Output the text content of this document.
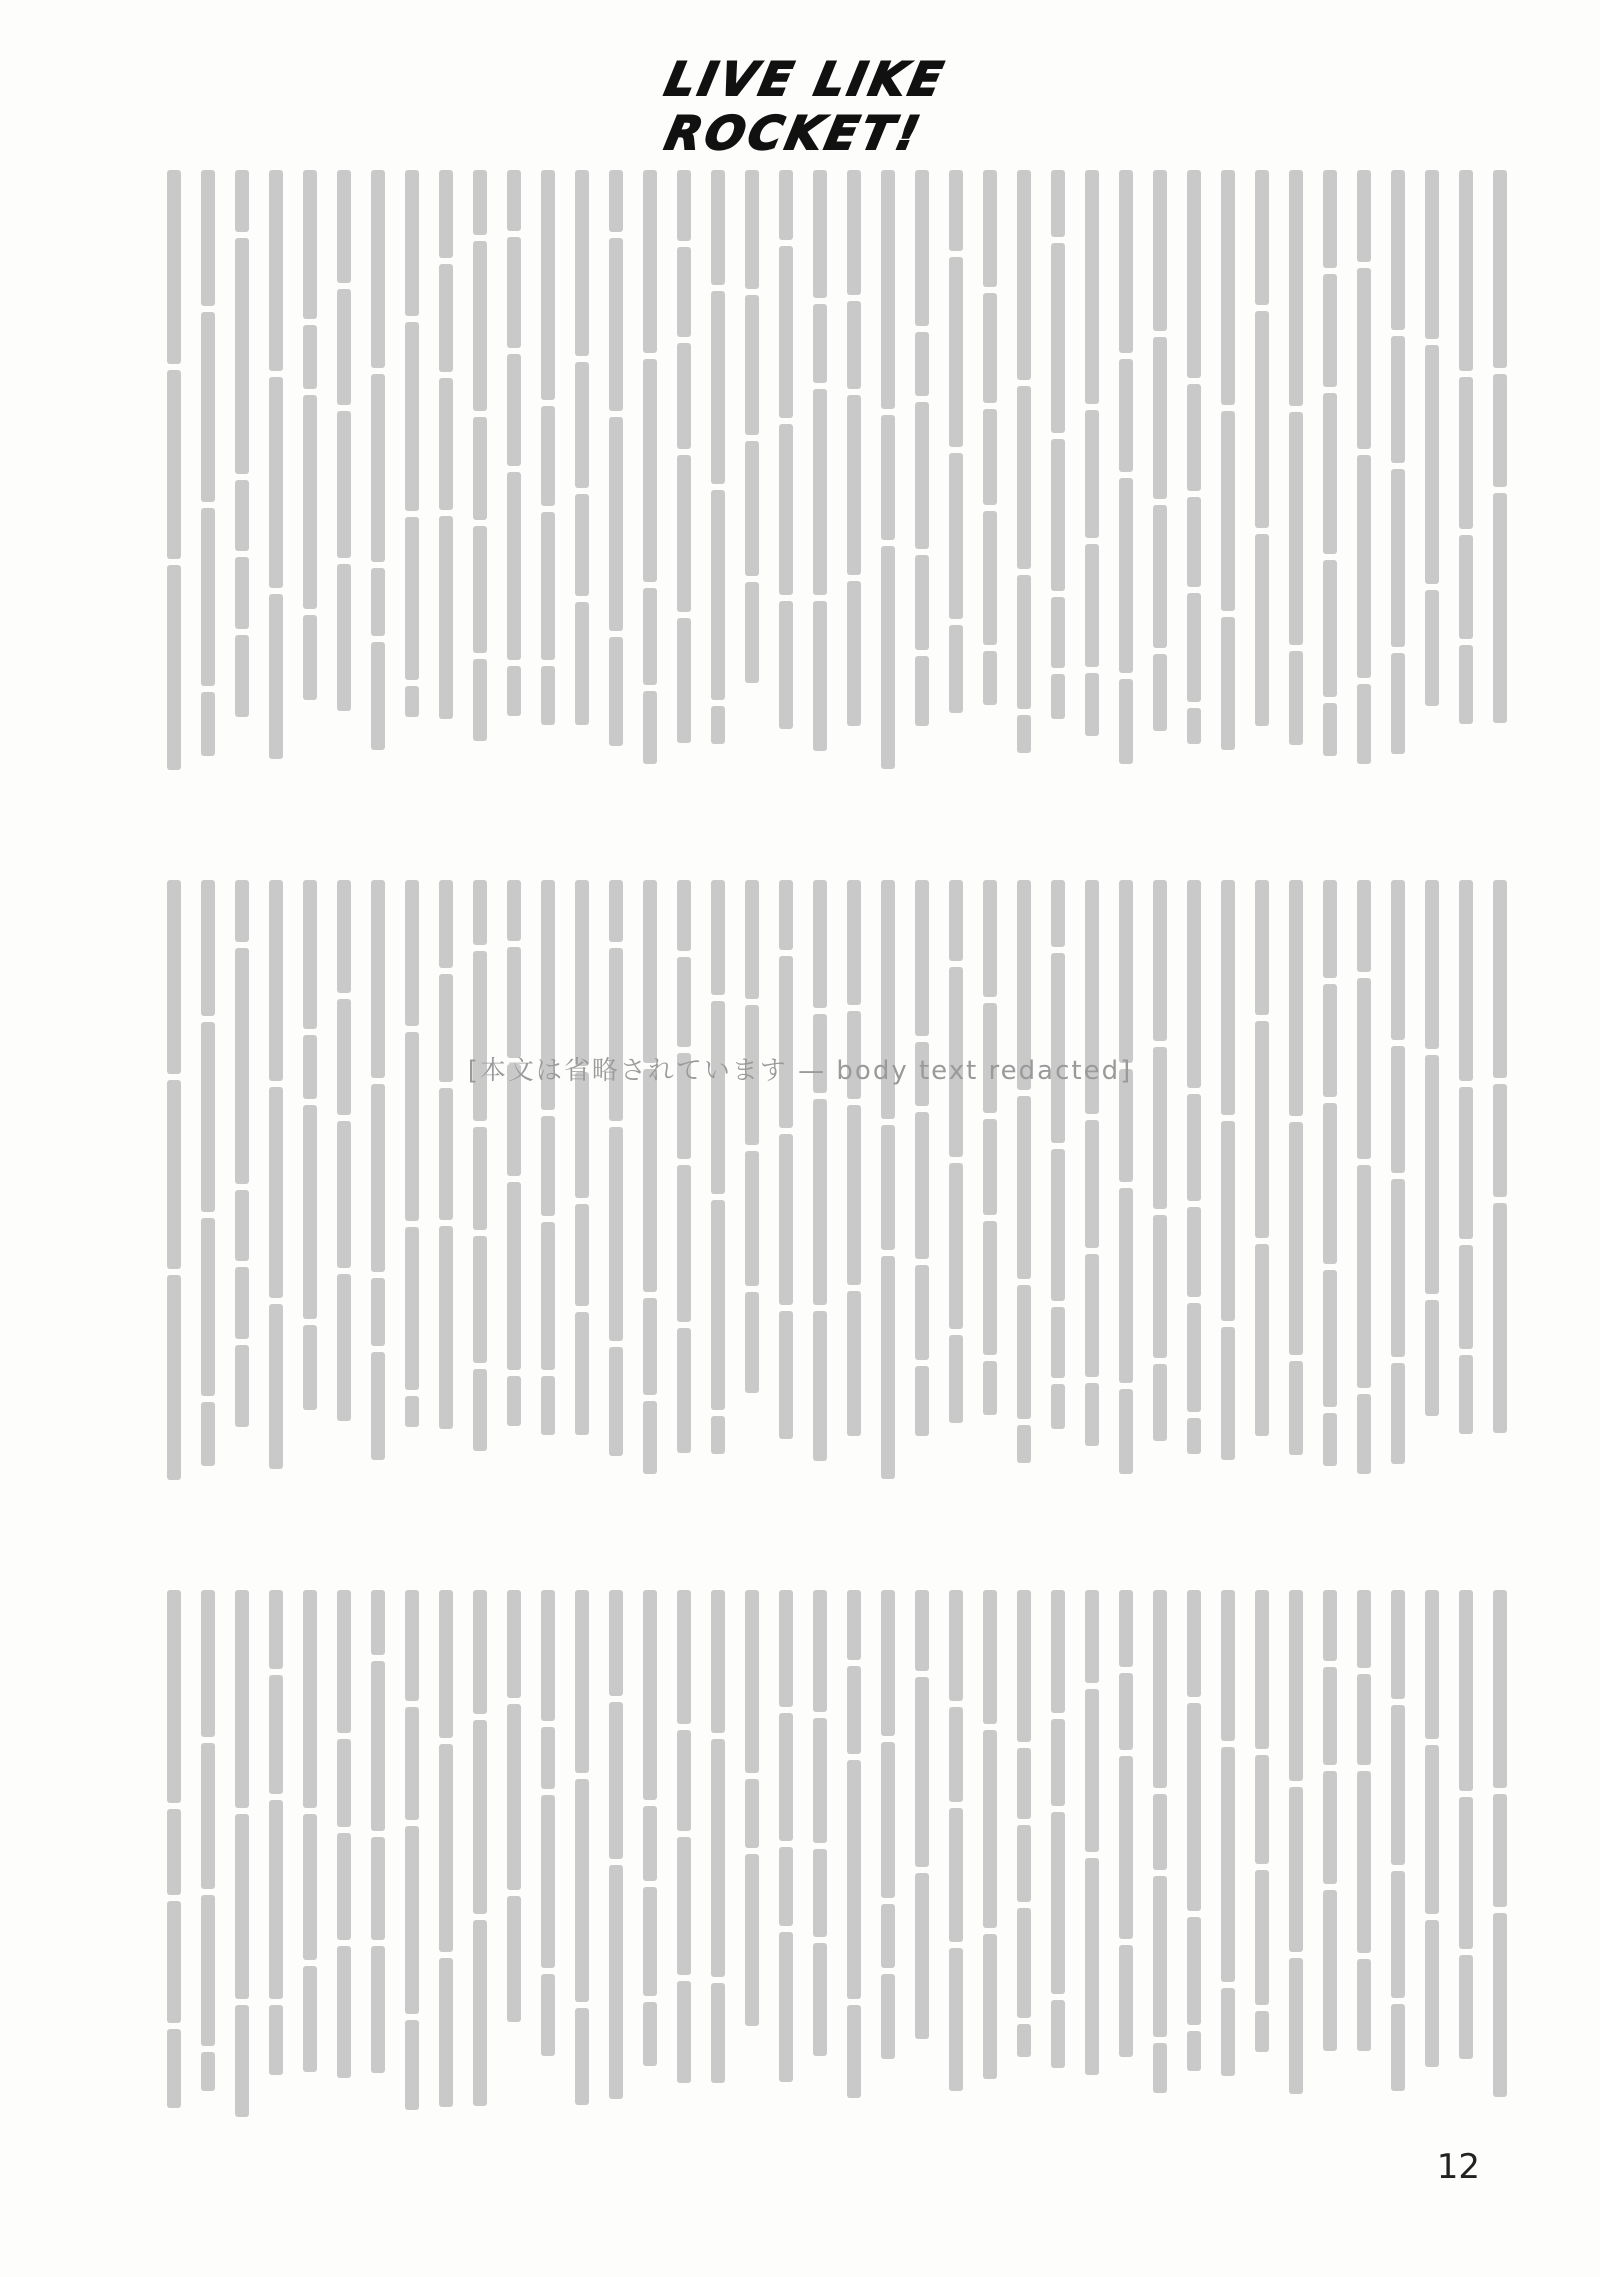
LIVE LIKE ROCKET!
[本文は省略されています — body text redacted]
12
